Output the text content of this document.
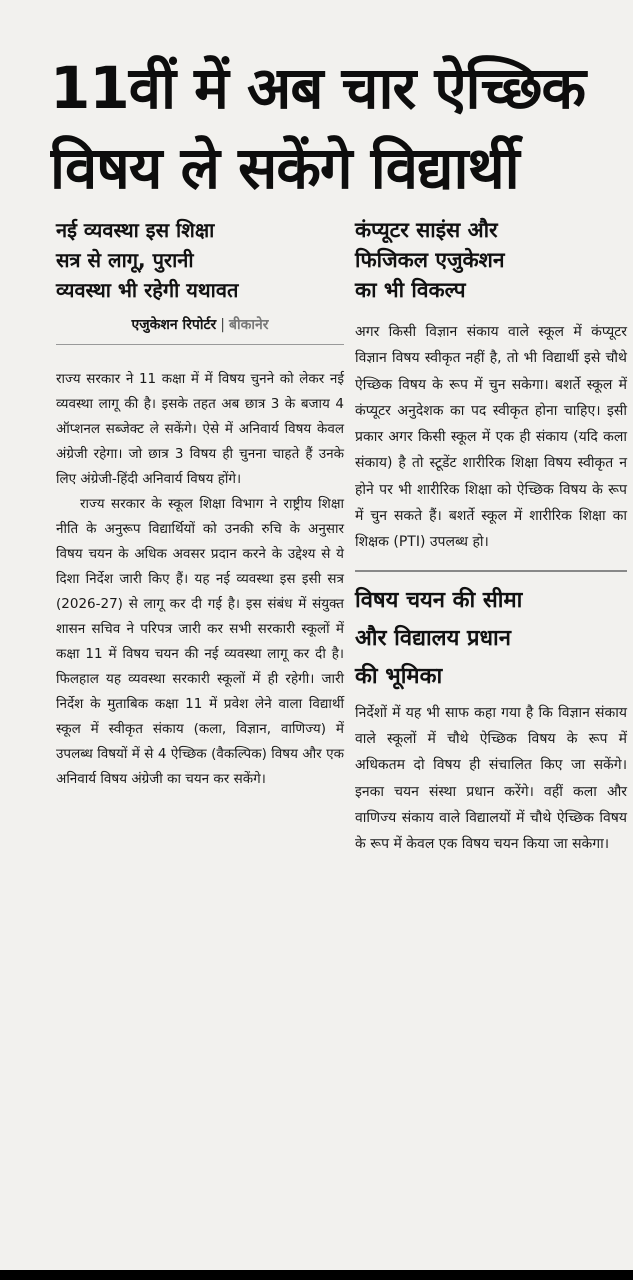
11वीं में अब चार ऐच्छिक
विषय ले सकेंगे विद्यार्थी
नई व्यवस्था इस शिक्षा
सत्र से लागू, पुरानी
व्यवस्था भी रहेगी यथावत
एजुकेशन रिपोर्टर | बीकानेर

राज्य सरकार ने 11 कक्षा में में विषय चुनने को लेकर नई व्यवस्था लागू की है। इसके तहत अब छात्र 3 के बजाय 4 ऑप्शनल सब्जेक्ट ले सकेंगे। ऐसे में अनिवार्य विषय केवल अंग्रेजी रहेगा। जो छात्र 3 विषय ही चुनना चाहते हैं उनके लिए अंग्रेजी-हिंदी अनिवार्य विषय होंगे।

राज्य सरकार के स्कूल शिक्षा विभाग ने राष्ट्रीय शिक्षा नीति के अनुरूप विद्यार्थियों को उनकी रुचि के अनुसार विषय चयन के अधिक अवसर प्रदान करने के उद्देश्य से ये दिशा निर्देश जारी किए हैं। यह नई व्यवस्था इस इसी सत्र (2026-27) से लागू कर दी गई है। इस संबंध में संयुक्त शासन सचिव ने परिपत्र जारी कर सभी सरकारी स्कूलों में कक्षा 11 में विषय चयन की नई व्यवस्था लागू कर दी है। फिलहाल यह व्यवस्था सरकारी स्कूलों में ही रहेगी। जारी निर्देश के मुताबिक कक्षा 11 में प्रवेश लेने वाला विद्यार्थी स्कूल में स्वीकृत संकाय (कला, विज्ञान, वाणिज्य) में उपलब्ध विषयों में से 4 ऐच्छिक (वैकल्पिक) विषय और एक अनिवार्य विषय अंग्रेजी का चयन कर सकेंगे।

कंप्यूटर साइंस और
फिजिकल एजुकेशन
का भी विकल्प

अगर किसी विज्ञान संकाय वाले स्कूल में कंप्यूटर विज्ञान विषय स्वीकृत नहीं है, तो भी विद्यार्थी इसे चौथे ऐच्छिक विषय के रूप में चुन सकेगा। बशर्ते स्कूल में कंप्यूटर अनुदेशक का पद स्वीकृत होना चाहिए। इसी प्रकार अगर किसी स्कूल में एक ही संकाय (यदि कला संकाय) है तो स्टूडेंट शारीरिक शिक्षा विषय स्वीकृत न होने पर भी शारीरिक शिक्षा को ऐच्छिक विषय के रूप में चुन सकते हैं। बशर्ते स्कूल में शारीरिक शिक्षा का शिक्षक (PTI) उपलब्ध हो।

विषय चयन की सीमा
और विद्यालय प्रधान
की भूमिका

निर्देशों में यह भी साफ कहा गया है कि विज्ञान संकाय वाले स्कूलों में चौथे ऐच्छिक विषय के रूप में अधिकतम दो विषय ही संचालित किए जा सकेंगे। इनका चयन संस्था प्रधान करेंगे। वहीं कला और वाणिज्य संकाय वाले विद्यालयों में चौथे ऐच्छिक विषय के रूप में केवल एक विषय चयन किया जा सकेगा।
